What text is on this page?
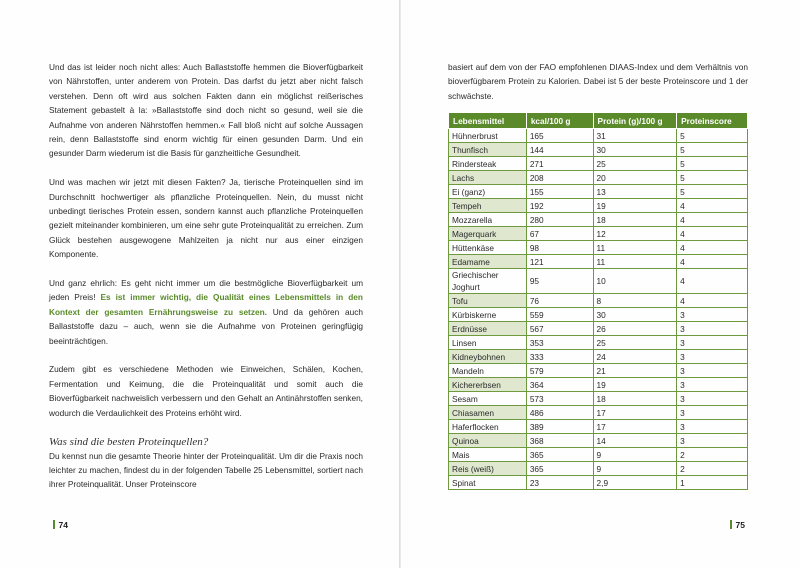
Und das ist leider noch nicht alles: Auch Ballaststoffe hemmen die Bioverfügbarkeit von Nährstoffen, unter anderem von Protein. Das darfst du jetzt aber nicht falsch verstehen. Denn oft wird aus solchen Fakten dann ein möglichst reißerisches Statement gebastelt à la: »Ballaststoffe sind doch nicht so gesund, weil sie die Aufnahme von anderen Nährstoffen hemmen.« Fall bloß nicht auf solche Aussagen rein, denn Ballaststoffe sind enorm wichtig für einen gesunden Darm. Und ein gesunder Darm wiederum ist die Basis für ganzheitliche Gesundheit.

Und was machen wir jetzt mit diesen Fakten? Ja, tierische Proteinquellen sind im Durchschnitt hochwertiger als pflanzliche Proteinquellen. Nein, du musst nicht unbedingt tierisches Protein essen, sondern kannst auch pflanzliche Proteinquellen gezielt miteinander kombinieren, um eine sehr gute Proteinqualität zu erreichen. Zum Glück bestehen ausgewogene Mahlzeiten ja nicht nur aus einer einzigen Komponente.

Und ganz ehrlich: Es geht nicht immer um die bestmögliche Bioverfügbarkeit um jeden Preis! Es ist immer wichtig, die Qualität eines Lebensmittels in den Kontext der gesamten Ernährungsweise zu setzen. Und da gehören auch Ballaststoffe dazu – auch, wenn sie die Aufnahme von Proteinen geringfügig beeinträchtigen.

Zudem gibt es verschiedene Methoden wie Einweichen, Schälen, Kochen, Fermentation und Keimung, die die Proteinqualität und somit auch die Bioverfügbarkeit nachweislich verbessern und den Gehalt an Antinährstoffen senken, wodurch die Verdaulichkeit des Proteins erhöht wird.

Was sind die besten Proteinquellen?

Du kennst nun die gesamte Theorie hinter der Proteinqualität. Um dir die Praxis noch leichter zu machen, findest du in der folgenden Tabelle 25 Lebensmittel, sortiert nach ihrer Proteinqualität. Unser Proteinscore

74

basiert auf dem von der FAO empfohlenen DIAAS-Index und dem Verhältnis von bioverfügbarem Protein zu Kalorien. Dabei ist 5 der beste Proteinscore und 1 der schwächste.

Lebensmittel	kcal/100 g	Protein (g)/100 g	Proteinscore
Hühnerbrust	165	31	5
Thunfisch	144	30	5
Rindersteak	271	25	5
Lachs	208	20	5
Ei (ganz)	155	13	5
Tempeh	192	19	4
Mozzarella	280	18	4
Magerquark	67	12	4
Hüttenkäse	98	11	4
Edamame	121	11	4
Griechischer Joghurt	95	10	4
Tofu	76	8	4
Kürbiskerne	559	30	3
Erdnüsse	567	26	3
Linsen	353	25	3
Kidneybohnen	333	24	3
Mandeln	579	21	3
Kichererbsen	364	19	3
Sesam	573	18	3
Chiasamen	486	17	3
Haferflocken	389	17	3
Quinoa	368	14	3
Mais	365	9	2
Reis (weiß)	365	9	2
Spinat	23	2,9	1
75
